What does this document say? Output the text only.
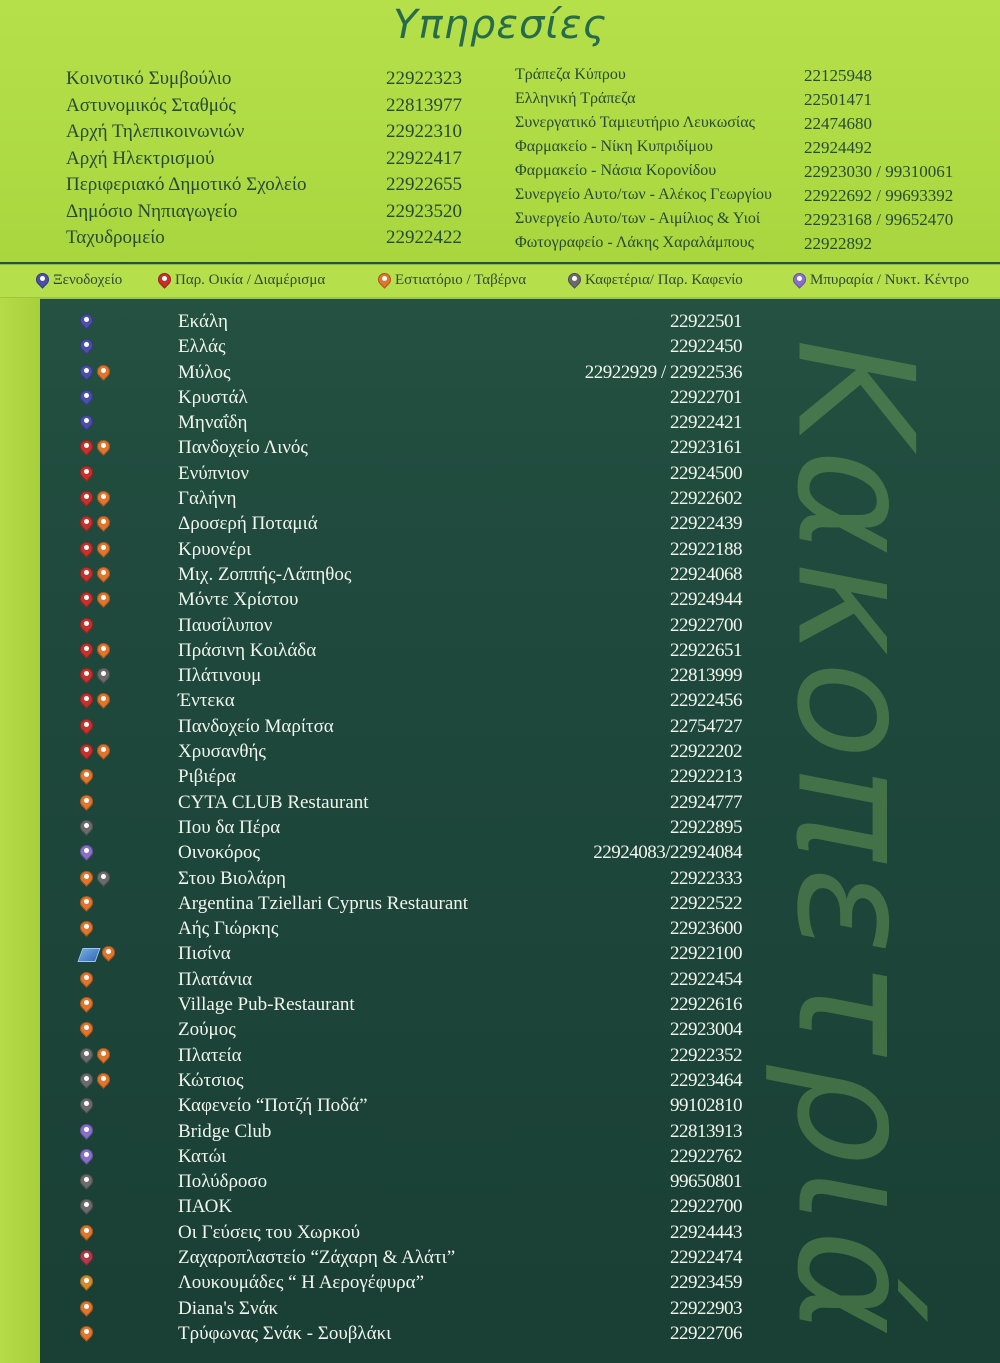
Υπηρεσίες
Κοινοτικό Συμβούλιο	22922323
Αστυνομικός Σταθμός	22813977
Αρχή Τηλεπικοινωνιών	22922310
Αρχή Ηλεκτρισμού	22922417
Περιφεριακό Δημοτικό Σχολείο	22922655
Δημόσιο Νηπιαγωγείο	22923520
Ταχυδρομείο	22922422
Τράπεζα Κύπρου	22125948
Ελληνική Τράπεζα	22501471
Συνεργατικό Ταμιευτήριο Λευκωσίας	22474680
Φαρμακείο - Νίκη Κυπριδίμου	22924492
Φαρμακείο - Νάσια Κορονίδου	22923030 / 99310061
Συνεργείο Αυτο/των - Αλέκος Γεωργίου 22922692 / 99693392
Συνεργείο Αυτο/των - Αιμίλιος & Υιοί	22923168 / 99652470
Φωτογραφείο - Λάκης Χαραλάμπους	22922892
Ξενοδοχείο	Παρ. Οικία / Διαμέρισμα	Εστιατόριο / Ταβέρνα	Καφετέρια/ Παρ. Καφενίο	Μπυραρία / Νυκτ. Κέντρο
Κακοπετριά
Εκάλη	22922501
Ελλάς	22922450
Μύλος	22922929 / 22922536
Κρυστάλ	22922701
Μηναΐδη	22922421
Πανδοχείο Λινός	22923161
Ενύπνιον	22924500
Γαλήνη	22922602
Δροσερή Ποταμιά	22922439
Κρυονέρι	22922188
Μιχ. Ζοππής-Λάπηθος	22924068
Μόντε Χρίστου	22924944
Παυσίλυπον	22922700
Πράσινη Κοιλάδα	22922651
Πλάτινουμ	22813999
Έντεκα	22922456
Πανδοχείο Μαρίτσα	22754727
Χρυσανθής	22922202
Ριβιέρα	22922213
CYTA CLUB Restaurant	22924777
Που δα Πέρα	22922895
Οινοκόρος	22924083/22924084
Στου Βιολάρη	22922333
Argentina Tziellari Cyprus Restaurant	22922522
Αής Γιώρκης	22923600
Πισίνα	22922100
Πλατάνια	22922454
Village Pub-Restaurant	22922616
Ζούμος	22923004
Πλατεία	22922352
Κώτσιος	22923464
Καφενείο “Ποτζή Ποδά”	99102810
Bridge Club	22813913
Κατώι	22922762
Πολύδροσο	99650801
ΠΑΟΚ	22922700
Οι Γεύσεις του Χωρκού	22924443
Ζαχαροπλαστείο “Ζάχαρη & Αλάτι”	22922474
Λουκουμάδες “ Η Αερογέφυρα”	22923459
Diana's Σνάκ	22922903
Τρύφωνας Σνάκ - Σουβλάκι	22922706
